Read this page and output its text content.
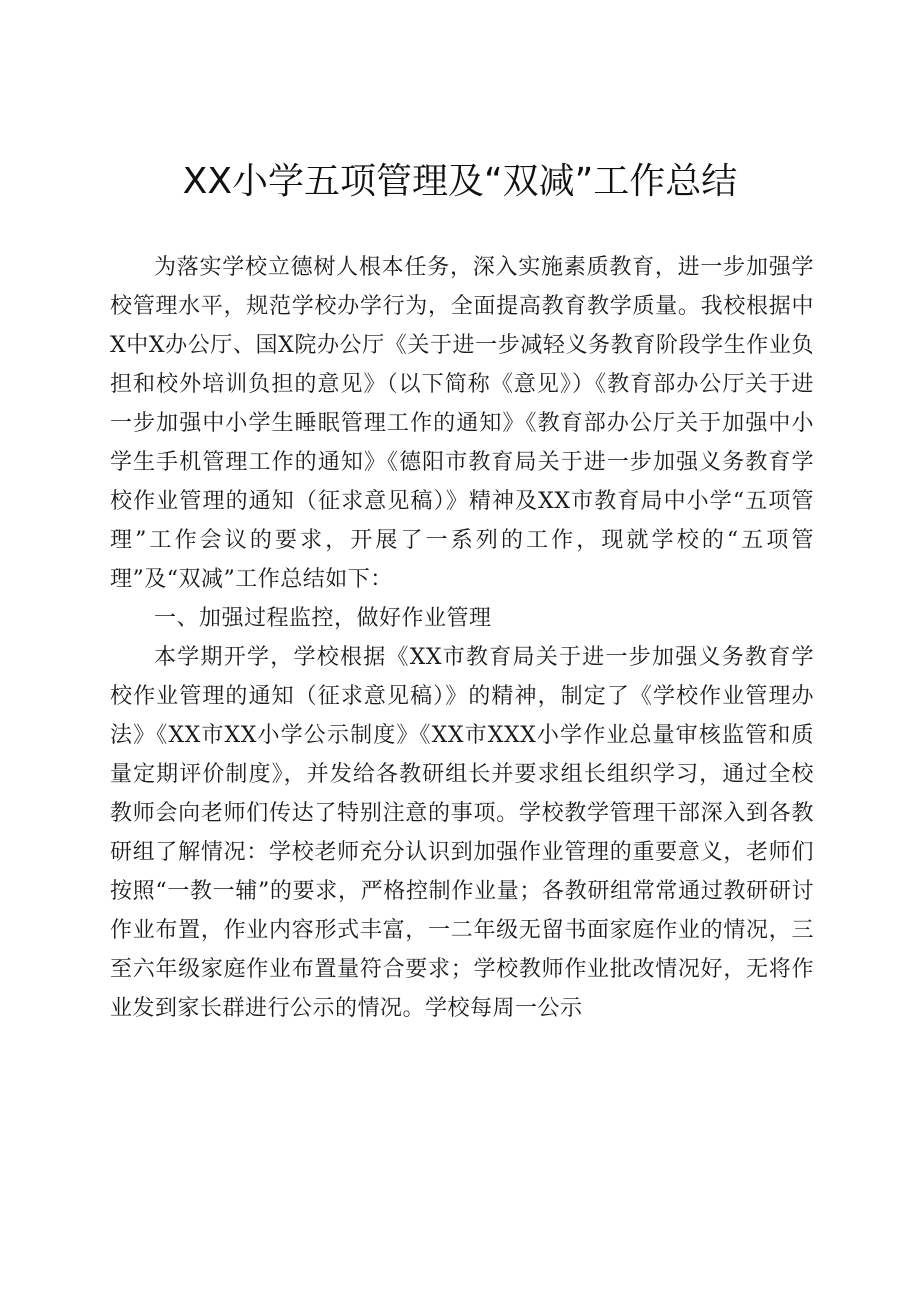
XX小学五项管理及“双减”工作总结

为落实学校立德树人根本任务，深入实施素质教育，进一步加强学校管理水平，规范学校办学行为，全面提高教育教学质量。我校根据中X中X办公厅、国X院办公厅《关于进一步减轻义务教育阶段学生作业负担和校外培训负担的意见》（以下简称《意见》）《教育部办公厅关于进一步加强中小学生睡眠管理工作的通知》《教育部办公厅关于加强中小学生手机管理工作的通知》《德阳市教育局关于进一步加强义务教育学校作业管理的通知（征求意见稿）》精神及XX市教育局中小学“五项管理”工作会议的要求，开展了一系列的工作，现就学校的“五项管理”及“双减”工作总结如下：

一、加强过程监控，做好作业管理

本学期开学，学校根据《XX市教育局关于进一步加强义务教育学校作业管理的通知（征求意见稿）》的精神，制定了《学校作业管理办法》《XX市XX小学公示制度》《XX市XXX小学作业总量审核监管和质量定期评价制度》，并发给各教研组长并要求组长组织学习，通过全校教师会向老师们传达了特别注意的事项。学校教学管理干部深入到各教研组了解情况：学校老师充分认识到加强作业管理的重要意义，老师们按照“一教一辅”的要求，严格控制作业量；各教研组常常通过教研研讨作业布置，作业内容形式丰富，一二年级无留书面家庭作业的情况，三至六年级家庭作业布置量符合要求；学校教师作业批改情况好，无将作业发到家长群进行公示的情况。学校每周一公示
